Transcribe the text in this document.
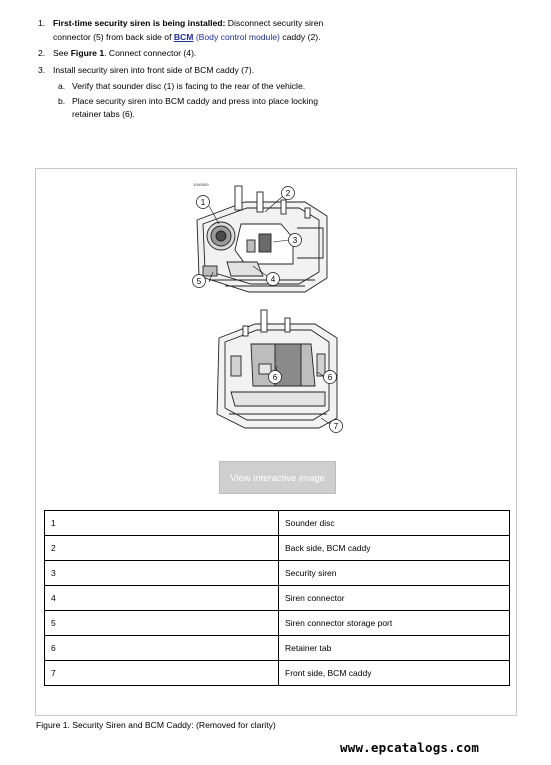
1. First-time security siren is being installed: Disconnect security siren connector (5) from back side of BCM (Body control module) caddy (2).
2. See Figure 1. Connect connector (4).
3. Install security siren into front side of BCM caddy (7).
a. Verify that sounder disc (1) is facing to the rear of the vehicle.
b. Place security siren into BCM caddy and press into place locking retainer tabs (6).
1060089
1
2
3
4
5
6	6
7
View interactive image
1	Sounder disc
2	Back side, BCM caddy
3	Security siren
4	Siren connector
5	Siren connector storage port
6	Retainer tab
7	Front side, BCM caddy
Figure 1. Security Siren and BCM Caddy: (Removed for clarity)
www.epcatalogs.com
